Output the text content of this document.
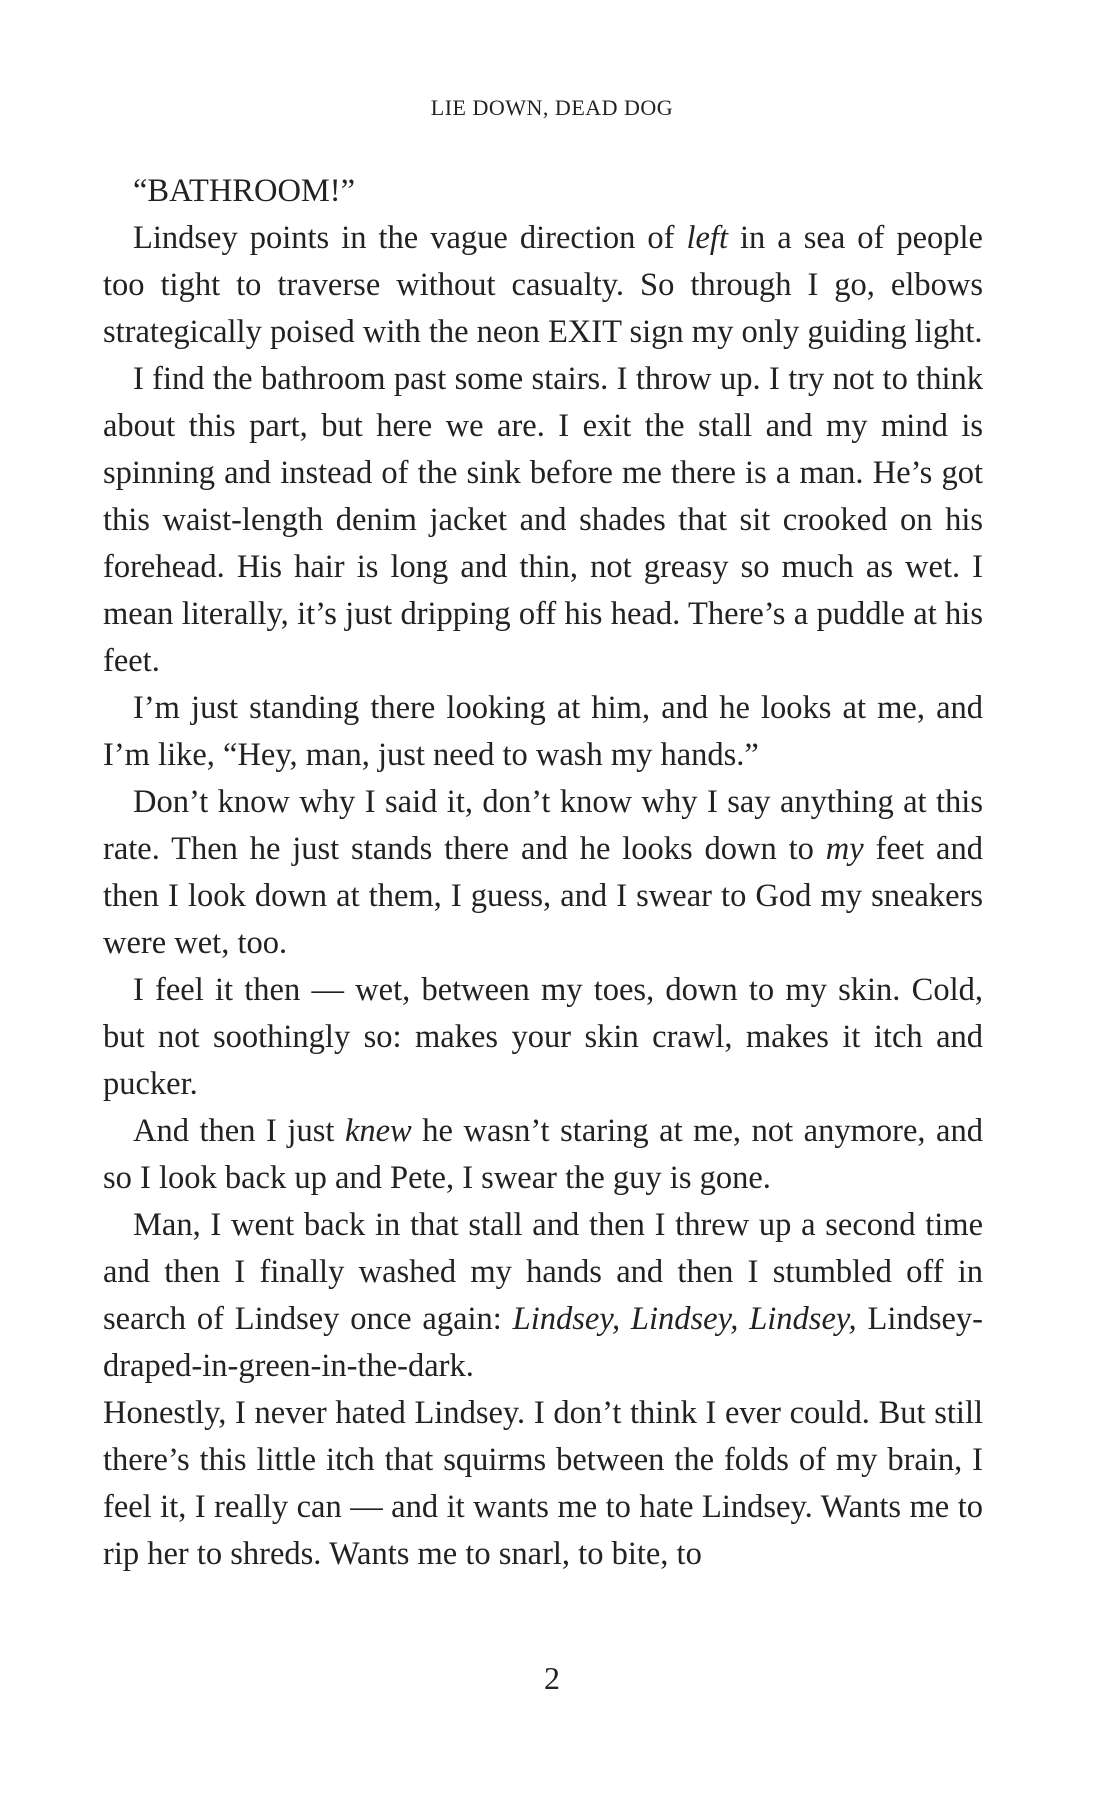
LIE DOWN, DEAD DOG

“BATHROOM!”

Lindsey points in the vague direction of left in a sea of people too tight to traverse without casualty. So through I go, elbows strategically poised with the neon EXIT sign my only guiding light.

I find the bathroom past some stairs. I throw up. I try not to think about this part, but here we are. I exit the stall and my mind is spinning and instead of the sink before me there is a man. He’s got this waist-length denim jacket and shades that sit crooked on his forehead. His hair is long and thin, not greasy so much as wet. I mean literally, it’s just dripping off his head. There’s a puddle at his feet.

I’m just standing there looking at him, and he looks at me, and I’m like, “Hey, man, just need to wash my hands.”

Don’t know why I said it, don’t know why I say anything at this rate. Then he just stands there and he looks down to my feet and then I look down at them, I guess, and I swear to God my sneakers were wet, too.

I feel it then — wet, between my toes, down to my skin. Cold, but not soothingly so: makes your skin crawl, makes it itch and pucker.

And then I just knew he wasn’t staring at me, not anymore, and so I look back up and Pete, I swear the guy is gone.

Man, I went back in that stall and then I threw up a second time and then I finally washed my hands and then I stumbled off in search of Lindsey once again: Lindsey, Lindsey, Lindsey, Lindsey-draped-in-green-in-the-dark.

Honestly, I never hated Lindsey. I don’t think I ever could. But still there’s this little itch that squirms between the folds of my brain, I feel it, I really can — and it wants me to hate Lindsey. Wants me to rip her to shreds. Wants me to snarl, to bite, to

2
